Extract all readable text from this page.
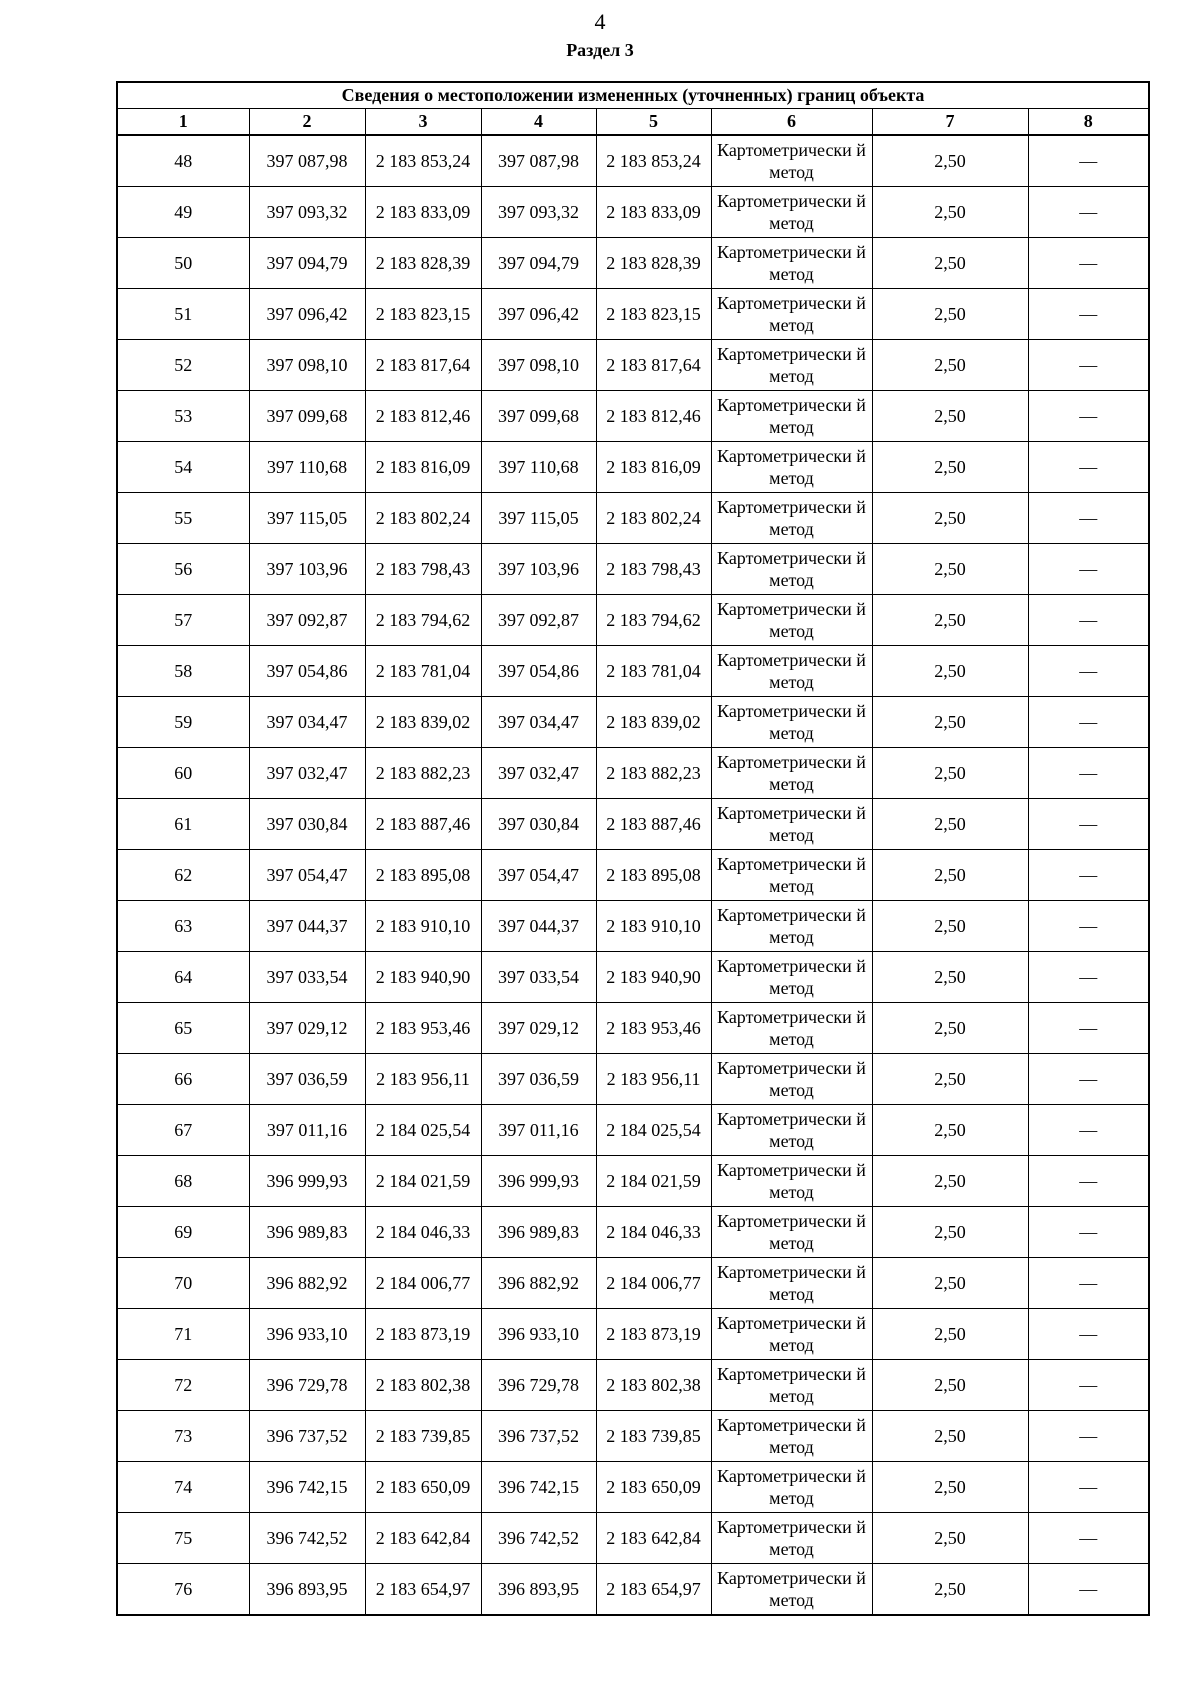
4
Раздел 3
Сведения о местоположении измененных (уточненных) границ объекта							
1	2	3	4	5	6	7	8
48	397 087,98	2 183 853,24	397 087,98	2 183 853,24	Картометрически й метод	2,50	—
49	397 093,32	2 183 833,09	397 093,32	2 183 833,09	Картометрически й метод	2,50	—
50	397 094,79	2 183 828,39	397 094,79	2 183 828,39	Картометрически й метод	2,50	—
51	397 096,42	2 183 823,15	397 096,42	2 183 823,15	Картометрически й метод	2,50	—
52	397 098,10	2 183 817,64	397 098,10	2 183 817,64	Картометрически й метод	2,50	—
53	397 099,68	2 183 812,46	397 099,68	2 183 812,46	Картометрически й метод	2,50	—
54	397 110,68	2 183 816,09	397 110,68	2 183 816,09	Картометрически й метод	2,50	—
55	397 115,05	2 183 802,24	397 115,05	2 183 802,24	Картометрически й метод	2,50	—
56	397 103,96	2 183 798,43	397 103,96	2 183 798,43	Картометрически й метод	2,50	—
57	397 092,87	2 183 794,62	397 092,87	2 183 794,62	Картометрически й метод	2,50	—
58	397 054,86	2 183 781,04	397 054,86	2 183 781,04	Картометрически й метод	2,50	—
59	397 034,47	2 183 839,02	397 034,47	2 183 839,02	Картометрически й метод	2,50	—
60	397 032,47	2 183 882,23	397 032,47	2 183 882,23	Картометрически й метод	2,50	—
61	397 030,84	2 183 887,46	397 030,84	2 183 887,46	Картометрически й метод	2,50	—
62	397 054,47	2 183 895,08	397 054,47	2 183 895,08	Картометрически й метод	2,50	—
63	397 044,37	2 183 910,10	397 044,37	2 183 910,10	Картометрически й метод	2,50	—
64	397 033,54	2 183 940,90	397 033,54	2 183 940,90	Картометрически й метод	2,50	—
65	397 029,12	2 183 953,46	397 029,12	2 183 953,46	Картометрически й метод	2,50	—
66	397 036,59	2 183 956,11	397 036,59	2 183 956,11	Картометрически й метод	2,50	—
67	397 011,16	2 184 025,54	397 011,16	2 184 025,54	Картометрически й метод	2,50	—
68	396 999,93	2 184 021,59	396 999,93	2 184 021,59	Картометрически й метод	2,50	—
69	396 989,83	2 184 046,33	396 989,83	2 184 046,33	Картометрически й метод	2,50	—
70	396 882,92	2 184 006,77	396 882,92	2 184 006,77	Картометрически й метод	2,50	—
71	396 933,10	2 183 873,19	396 933,10	2 183 873,19	Картометрически й метод	2,50	—
72	396 729,78	2 183 802,38	396 729,78	2 183 802,38	Картометрически й метод	2,50	—
73	396 737,52	2 183 739,85	396 737,52	2 183 739,85	Картометрически й метод	2,50	—
74	396 742,15	2 183 650,09	396 742,15	2 183 650,09	Картометрически й метод	2,50	—
75	396 742,52	2 183 642,84	396 742,52	2 183 642,84	Картометрически й метод	2,50	—
76	396 893,95	2 183 654,97	396 893,95	2 183 654,97	Картометрически й метод	2,50	—
